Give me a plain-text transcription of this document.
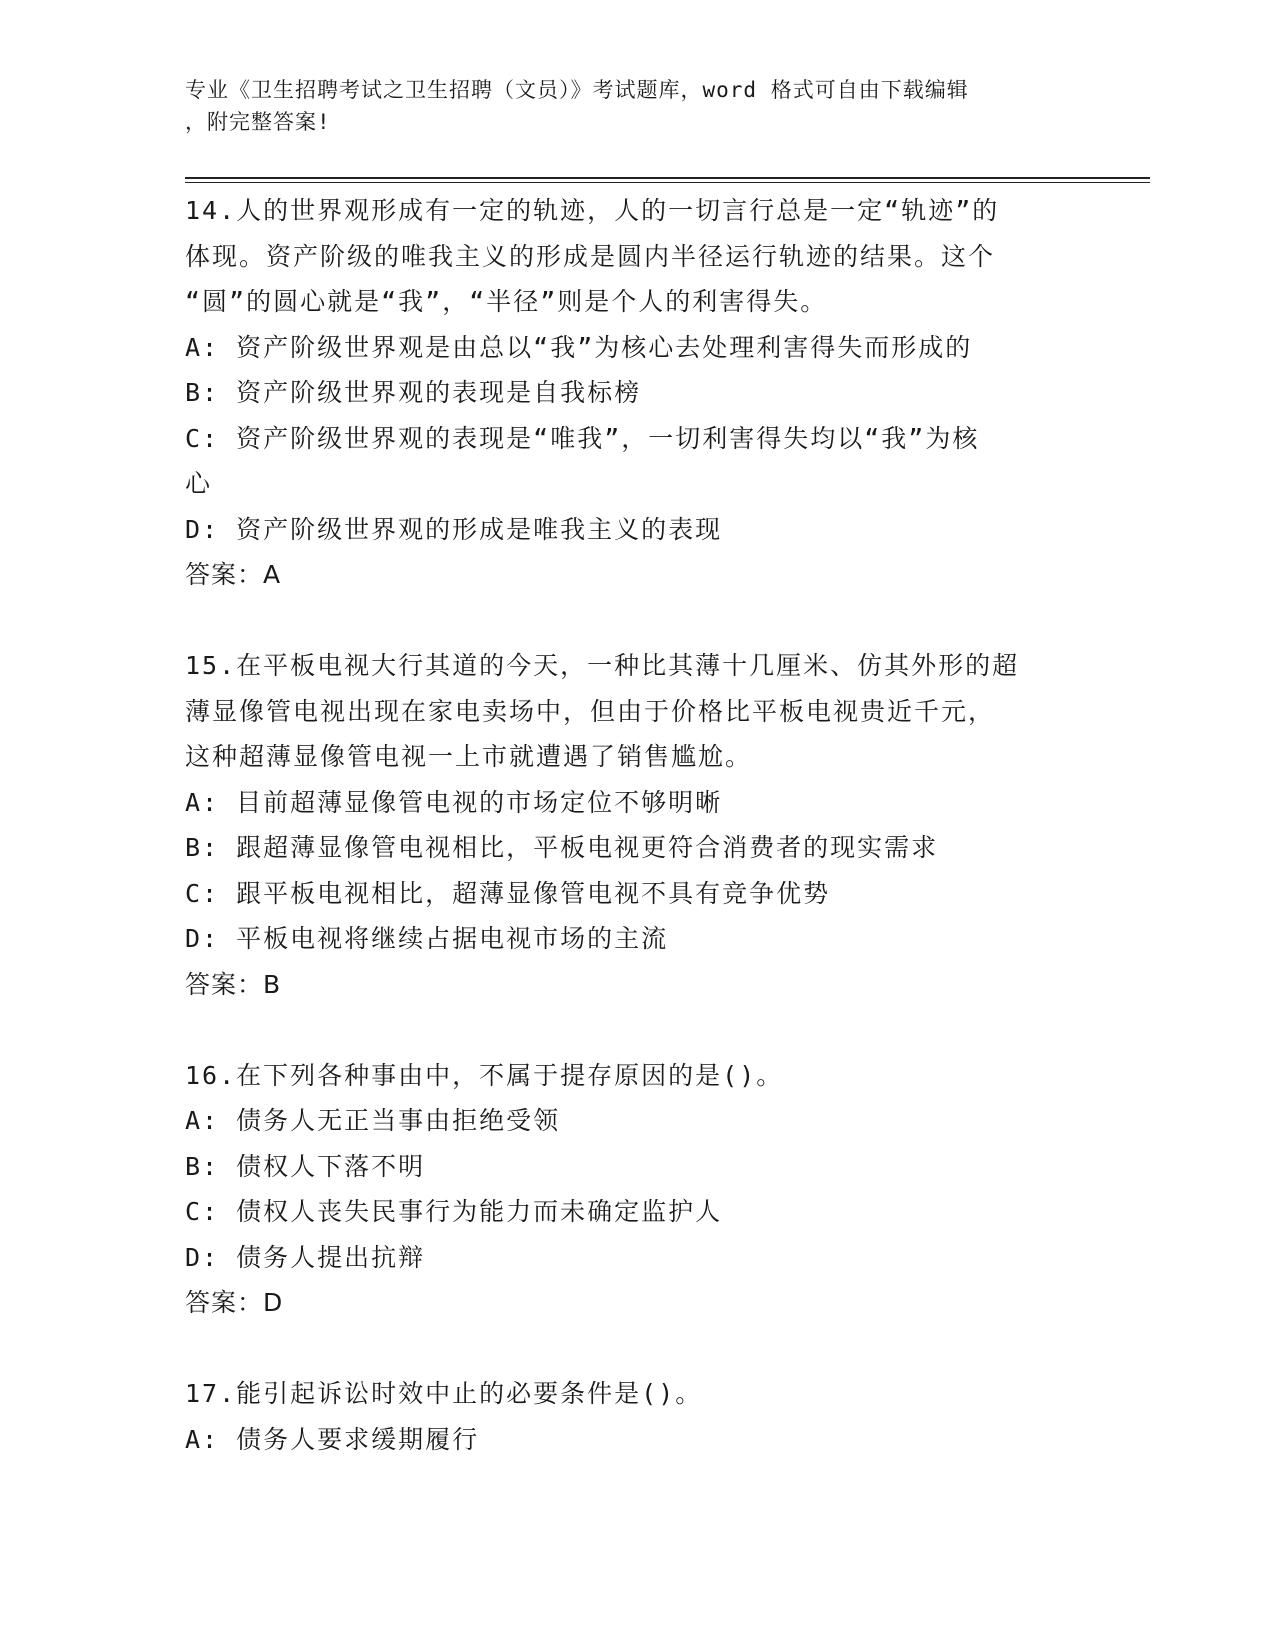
专业《卫生招聘考试之卫生招聘（文员）》考试题库，word 格式可自由下载编辑
，附完整答案!
14.人的世界观形成有一定的轨迹，人的一切言行总是一定“轨迹”的
体现。资产阶级的唯我主义的形成是圆内半径运行轨迹的结果。这个
“圆”的圆心就是“我”，“半径”则是个人的利害得失。
A: 资产阶级世界观是由总以“我”为核心去处理利害得失而形成的
B: 资产阶级世界观的表现是自我标榜
C: 资产阶级世界观的表现是“唯我”，一切利害得失均以“我”为核
心
D: 资产阶级世界观的形成是唯我主义的表现
答案：A
15.在平板电视大行其道的今天，一种比其薄十几厘米、仿其外形的超
薄显像管电视出现在家电卖场中，但由于价格比平板电视贵近千元，
这种超薄显像管电视一上市就遭遇了销售尴尬。
A: 目前超薄显像管电视的市场定位不够明晰
B: 跟超薄显像管电视相比，平板电视更符合消费者的现实需求
C: 跟平板电视相比，超薄显像管电视不具有竞争优势
D: 平板电视将继续占据电视市场的主流
答案：B
16.在下列各种事由中，不属于提存原因的是()。
A: 债务人无正当事由拒绝受领
B: 债权人下落不明
C: 债权人丧失民事行为能力而未确定监护人
D: 债务人提出抗辩
答案：D
17.能引起诉讼时效中止的必要条件是()。
A: 债务人要求缓期履行
